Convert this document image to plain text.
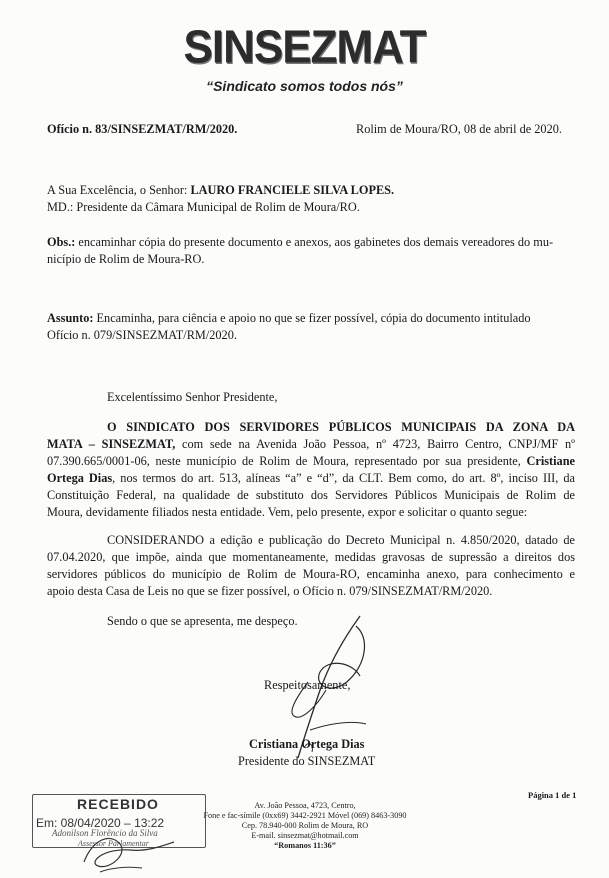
SINSEZMAT
“Sindicato somos todos nós”
Ofício n. 83/SINSEZMAT/RM/2020.	Rolim de Moura/RO, 08 de abril de 2020.
A Sua Excelência, o Senhor: LAURO FRANCIELE SILVA LOPES.
MD.: Presidente da Câmara Municipal de Rolim de Moura/RO.
Obs.: encaminhar cópia do presente documento e anexos, aos gabinetes dos demais vereadores do mu-
nicípio de Rolim de Moura-RO.
Assunto: Encaminha, para ciência e apoio no que se fizer possível, cópia do documento intitulado
Ofício n. 079/SINSEZMAT/RM/2020.
Excelentíssimo Senhor Presidente,
O SINDICATO DOS SERVIDORES PÚBLICOS MUNICIPAIS DA ZONA DA
MATA – SINSEZMAT, com sede na Avenida João Pessoa, nº 4723, Bairro Centro, CNPJ/MF nº
07.390.665/0001-06, neste município de Rolim de Moura, representado por sua presidente, Cristiane
Ortega Dias, nos termos do art. 513, alíneas “a” e “d”, da CLT. Bem como, do art. 8º, inciso III, da
Constituição Federal, na qualidade de substituto dos Servidores Públicos Municipais de Rolim de
Moura, devidamente filiados nesta entidade. Vem, pelo presente, expor e solicitar o quanto segue:
CONSIDERANDO a edição e publicação do Decreto Municipal n. 4.850/2020, datado de
07.04.2020, que impõe, ainda que momentaneamente, medidas gravosas de supressão a direitos dos
servidores públicos do município de Rolim de Moura-RO, encaminha anexo, para conhecimento e
apoio desta Casa de Leis no que se fizer possível, o Ofício n. 079/SINSEZMAT/RM/2020.
Sendo o que se apresenta, me despeço.
Respeitosamente,
Cristiana Ortega Dias
Presidente do SINSEZMAT
Página 1 de 1
Av. João Pessoa, 4723, Centro,
Fone e fac-símile (0xx69) 3442-2921 Móvel (069) 8463-3090
Cep. 78.940-000 Rolim de Moura, RO
E-mail. sinsezmat@hotmail.com
“Romanos 11:36”
RECEBIDO
Em: 08/04/2020 – 13:22
Adonilson Florêncio da Silva
Assessor Parlamentar
